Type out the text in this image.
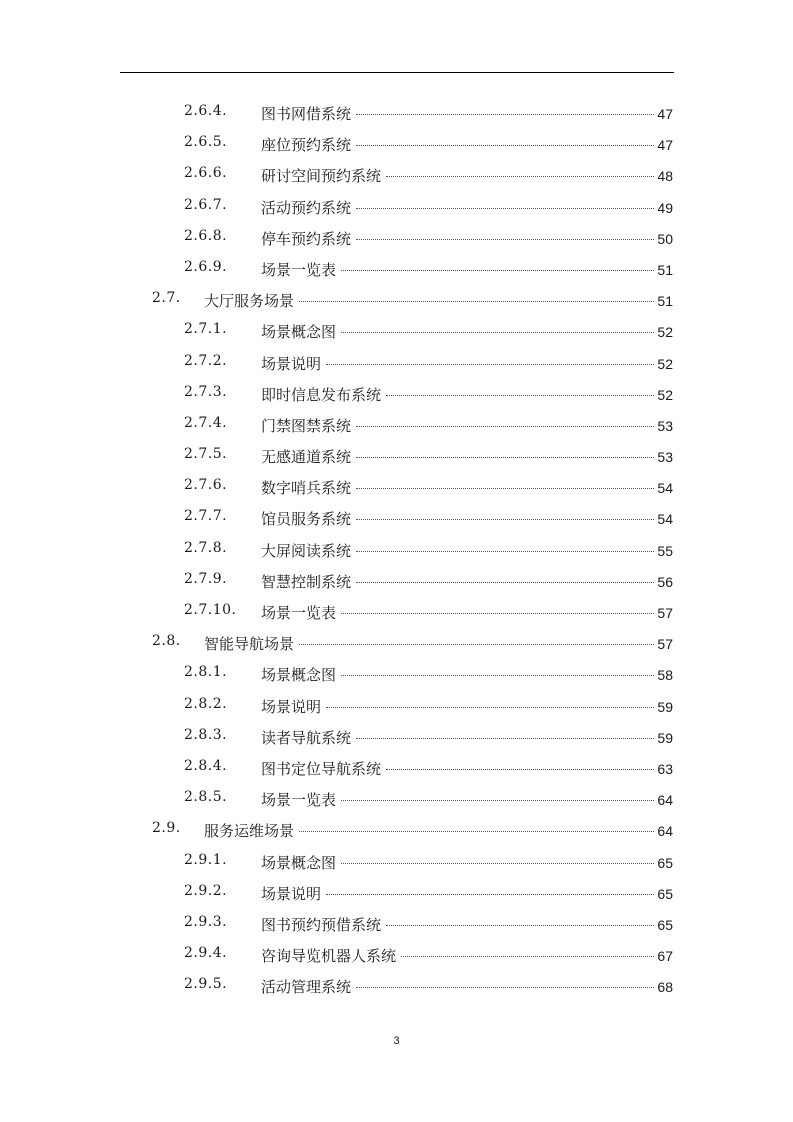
2.6.4. 图书网借系统	47
2.6.5. 座位预约系统	47
2.6.6. 研讨空间预约系统	48
2.6.7. 活动预约系统	49
2.6.8. 停车预约系统	50
2.6.9. 场景一览表	51
2.7. 大厅服务场景	51
2.7.1. 场景概念图	52
2.7.2. 场景说明	52
2.7.3. 即时信息发布系统	52
2.7.4. 门禁图禁系统	53
2.7.5. 无感通道系统	53
2.7.6. 数字哨兵系统	54
2.7.7. 馆员服务系统	54
2.7.8. 大屏阅读系统	55
2.7.9. 智慧控制系统	56
2.7.10. 场景一览表	57
2.8. 智能导航场景	57
2.8.1. 场景概念图	58
2.8.2. 场景说明	59
2.8.3. 读者导航系统	59
2.8.4. 图书定位导航系统	63
2.8.5. 场景一览表	64
2.9. 服务运维场景	64
2.9.1. 场景概念图	65
2.9.2. 场景说明	65
2.9.3. 图书预约预借系统	65
2.9.4. 咨询导览机器人系统	67
2.9.5. 活动管理系统	68
3
